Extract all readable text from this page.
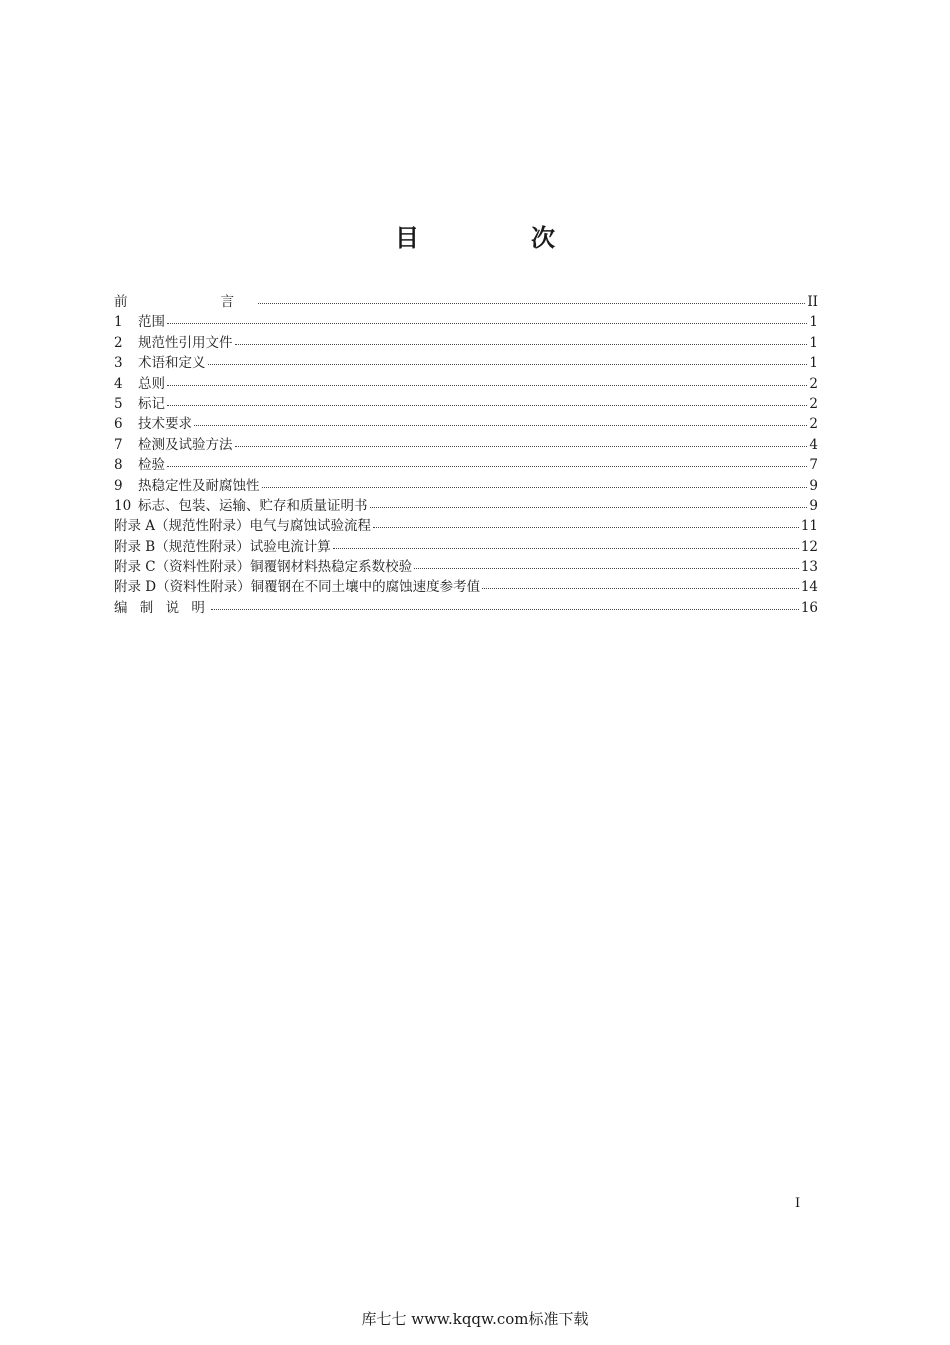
目　次
前　　言	II
1	范围	1
2	规范性引用文件	1
3	术语和定义	1
4	总则	2
5	标记	2
6	技术要求	2
7	检测及试验方法	4
8	检验	7
9	热稳定性及耐腐蚀性	9
10 标志、包装、运输、贮存和质量证明书	9
附录 A（规范性附录）电气与腐蚀试验流程	11
附录 B（规范性附录）试验电流计算	12
附录 C（资料性附录）铜覆钢材料热稳定系数校验	13
附录 D（资料性附录）铜覆钢在不同土壤中的腐蚀速度参考值	14
编 制 说 明	16
I
库七七 www.kqqw.com标准下载
